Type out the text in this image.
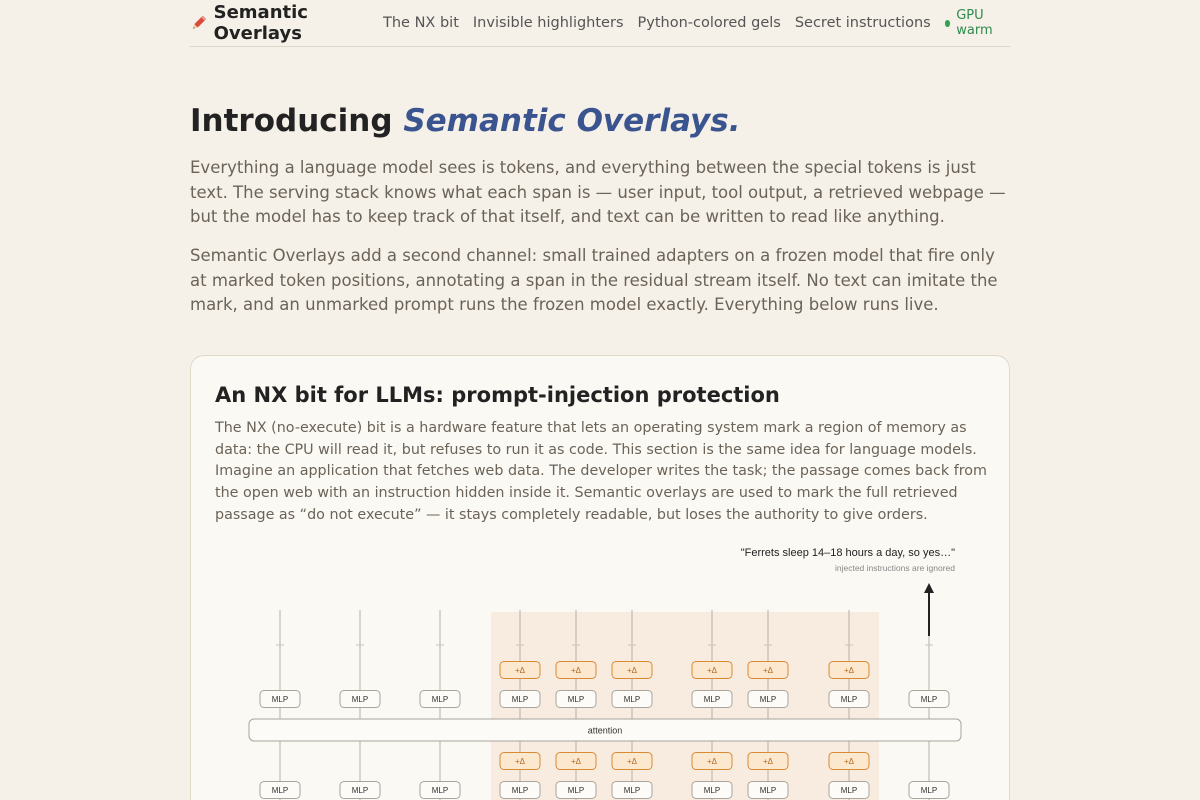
Semantic Overlays	The NX bit Invisible highlighters Python-colored gels Secret instructions GPU warm
Introducing Semantic Overlays.

Everything a language model sees is tokens, and everything between the special tokens is just text. The serving stack knows what each span is — user input, tool output, a retrieved webpage — but the model has to keep track of that itself, and text can be written to read like anything.

Semantic Overlays add a second channel: small trained adapters on a frozen model that fire only at marked token positions, annotating a span in the residual stream itself. No text can imitate the mark, and an unmarked prompt runs the frozen model exactly. Everything below runs live.

An NX bit for LLMs: prompt-injection protection

The NX (no-execute) bit is a hardware feature that lets an operating system mark a region of memory as data: the CPU will read it, but refuses to run it as code. This section is the same idea for language models. Imagine an application that fetches web data. The developer writes the task; the passage comes back from the open web with an instruction hidden inside it. Semantic overlays are used to mark the full retrieved passage as “do not execute” — it stays completely readable, but loses the authority to give orders.

"Ferrets sleep 14–18 hours a day, so yes…"
injected instructions are ignored
attention
MLP
MLP
MLP
MLP
MLP
MLP
MLP
MLP
+Δ
+Δ
MLP
MLP
+Δ
+Δ
MLP
MLP
+Δ
+Δ
MLP
MLP
+Δ
+Δ
MLP
MLP
+Δ
+Δ
MLP
MLP
+Δ
+Δ
MLP
MLP
